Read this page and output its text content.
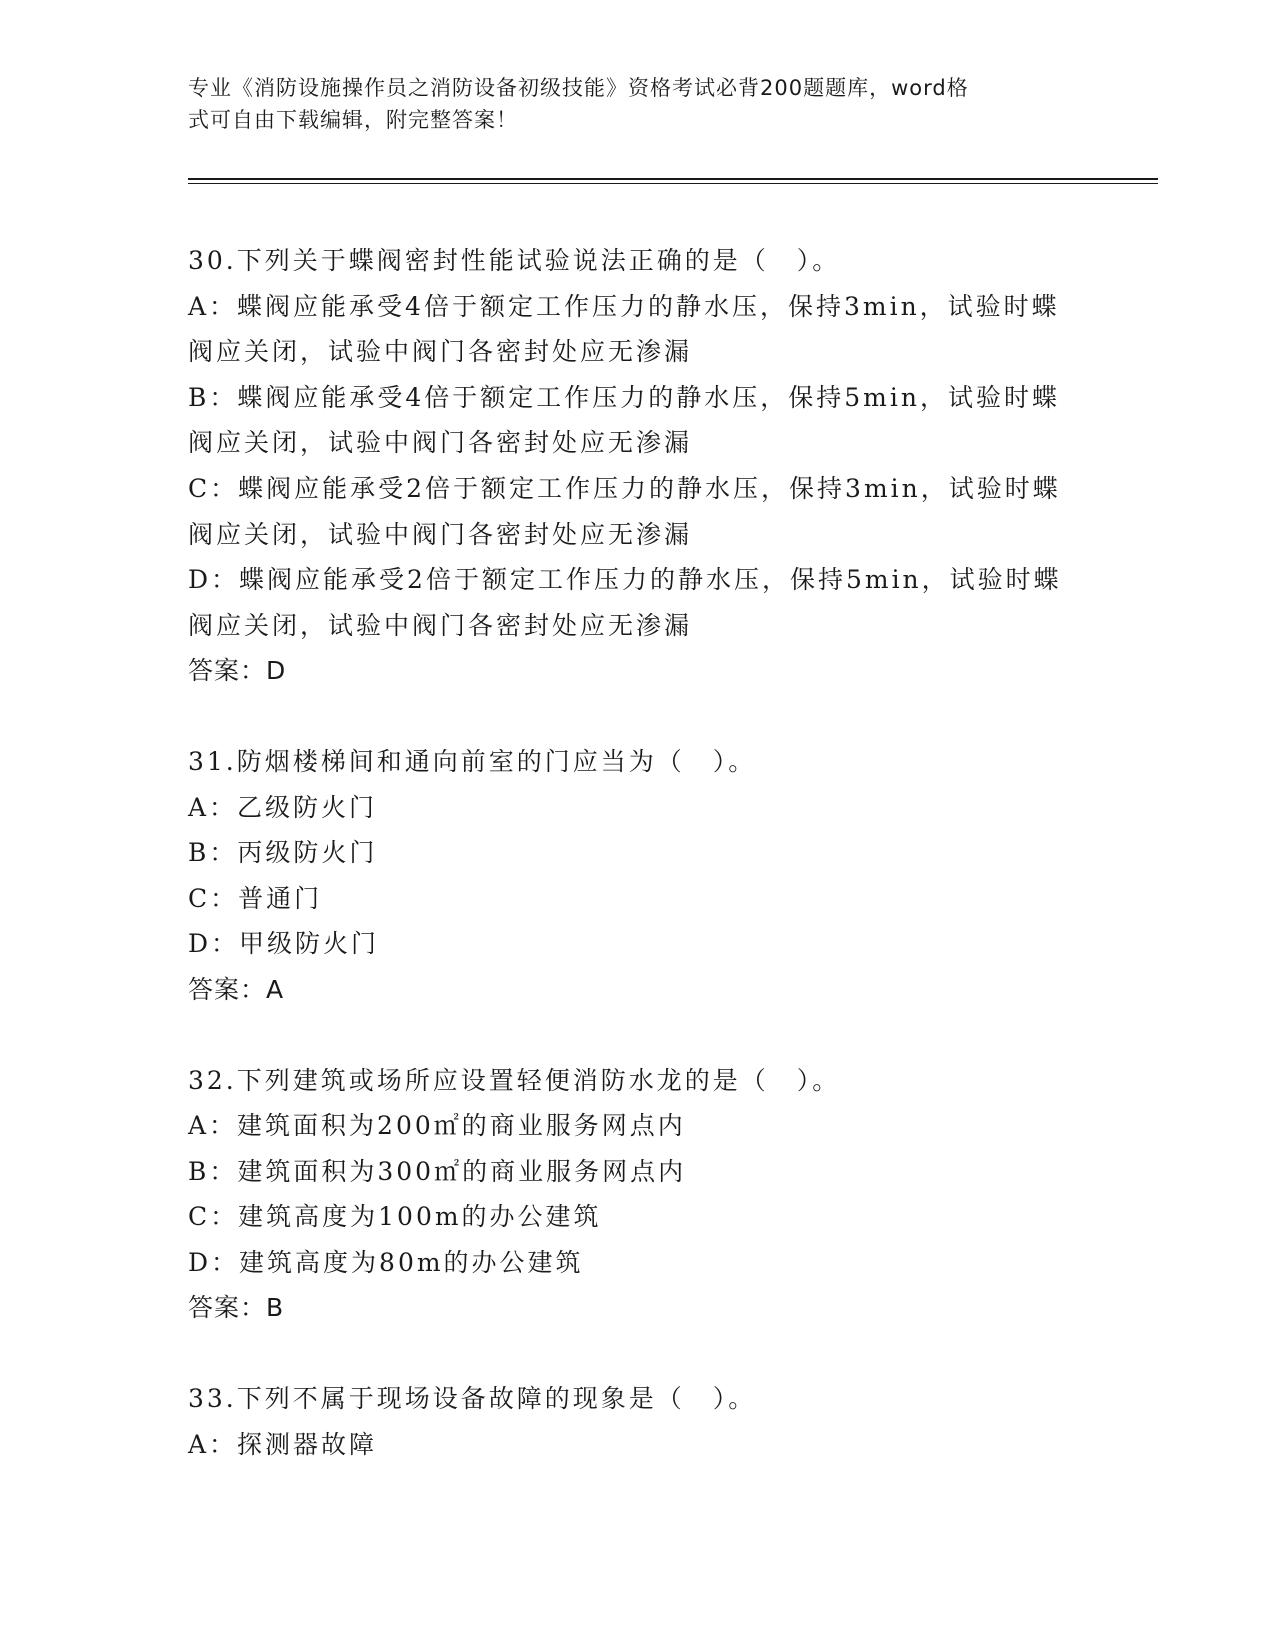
专业《消防设施操作员之消防设备初级技能》资格考试必背200题题库，word格
式可自由下载编辑，附完整答案！
30.下列关于蝶阀密封性能试验说法正确的是（　）。
A：蝶阀应能承受4倍于额定工作压力的静水压，保持3min，试验时蝶
阀应关闭，试验中阀门各密封处应无渗漏
B：蝶阀应能承受4倍于额定工作压力的静水压，保持5min，试验时蝶
阀应关闭，试验中阀门各密封处应无渗漏
C：蝶阀应能承受2倍于额定工作压力的静水压，保持3min，试验时蝶
阀应关闭，试验中阀门各密封处应无渗漏
D：蝶阀应能承受2倍于额定工作压力的静水压，保持5min，试验时蝶
阀应关闭，试验中阀门各密封处应无渗漏
答案：D
31.防烟楼梯间和通向前室的门应当为（　）。
A：乙级防火门
B：丙级防火门
C：普通门
D：甲级防火门
答案：A
32.下列建筑或场所应设置轻便消防水龙的是（　）。
A：建筑面积为200㎡的商业服务网点内
B：建筑面积为300㎡的商业服务网点内
C：建筑高度为100m的办公建筑
D：建筑高度为80m的办公建筑
答案：B
33.下列不属于现场设备故障的现象是（　）。
A：探测器故障
